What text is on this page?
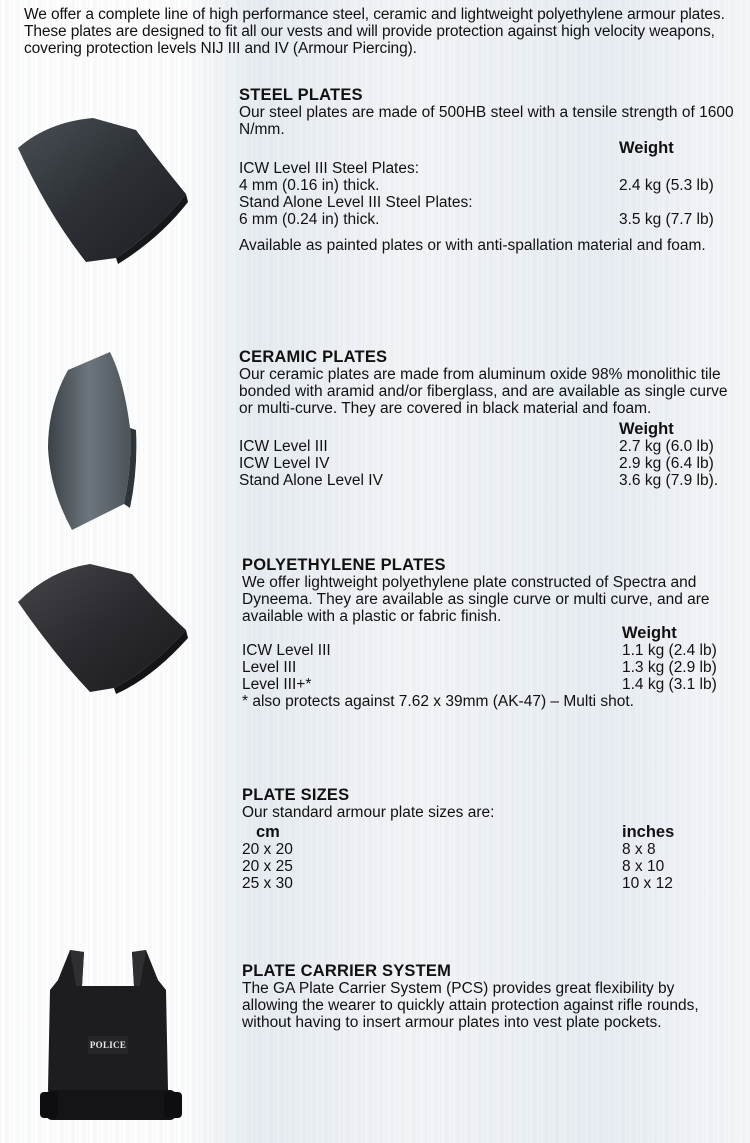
We offer a complete line of high performance steel, ceramic and lightweight polyethylene armour plates. These plates are designed to fit all our vests and will provide protection against high velocity weapons, covering protection levels NIJ III and IV (Armour Piercing).
STEEL PLATES

Our steel plates are made of 500HB steel with a tensile strength of 1600 N/mm.

Weight
ICW Level III Steel Plates:
4 mm (0.16 in) thick.	2.4 kg (5.3 lb)
Stand Alone Level III Steel Plates:
6 mm (0.24 in) thick.	3.5 kg (7.7 lb)

Available as painted plates or with anti-spallation material and foam.

CERAMIC PLATES

Our ceramic plates are made from aluminum oxide 98% monolithic tile bonded with aramid and/or fiberglass, and are available as single curve or multi-curve. They are covered in black material and foam.

Weight
ICW Level III	2.7 kg (6.0 lb)
ICW Level IV	2.9 kg (6.4 lb)
Stand Alone Level IV	3.6 kg (7.9 lb).
POLYETHYLENE PLATES

We offer lightweight polyethylene plate constructed of Spectra and Dyneema. They are available as single curve or multi curve, and are available with a plastic or fabric finish.

Weight
ICW Level III	1.1 kg (2.4 lb)
Level III	1.3 kg (2.9 lb)
Level III+*	1.4 kg (3.1 lb)

* also protects against 7.62 x 39mm (AK-47) – Multi shot.

PLATE SIZES

Our standard armour plate sizes are:

cm	inches
20 x 20	8 x 8
20 x 25	8 x 10
25 x 30	10 x 12
POLICE
PLATE CARRIER SYSTEM

The GA Plate Carrier System (PCS) provides great flexibility by allowing the wearer to quickly attain protection against rifle rounds, without having to insert armour plates into vest plate pockets.
